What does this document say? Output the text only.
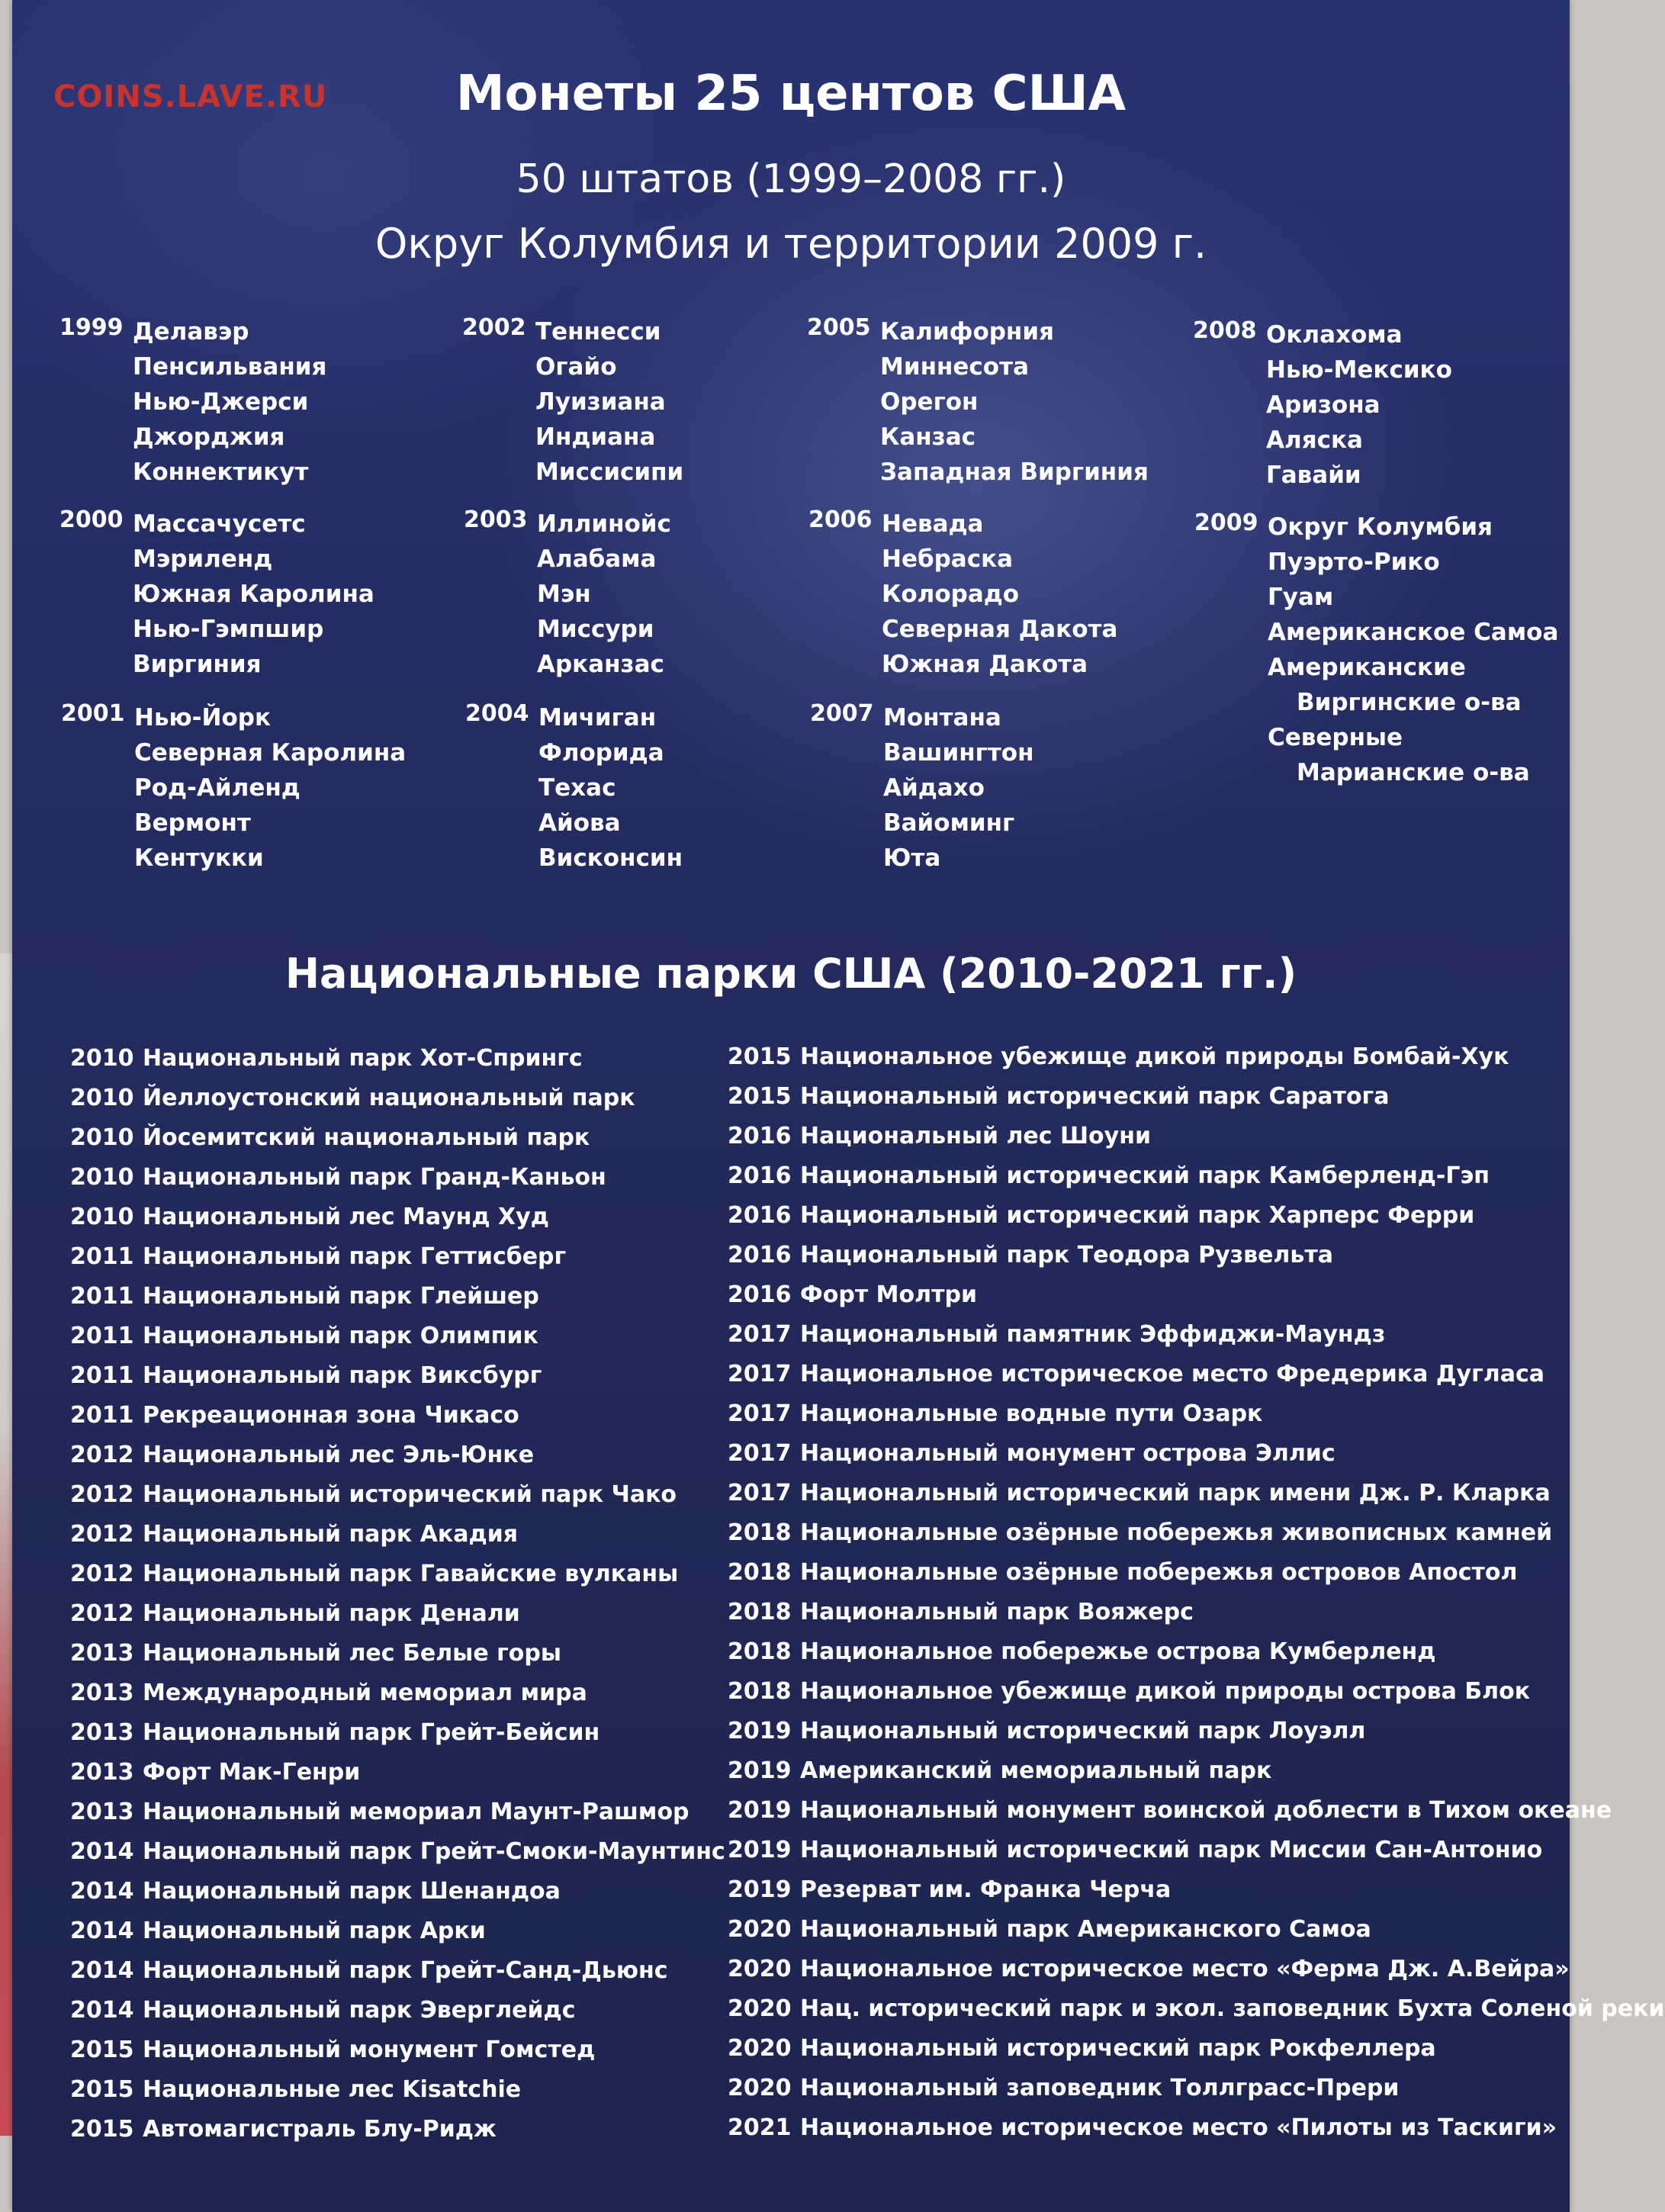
COINS.LAVE.RU	Монеты 25 центов США
50 штатов (1999–2008 гг.)
Округ Колумбия и территории 2009 г.
1999 Делавэр
Пенсильвания
Нью-Джерси
Джорджия
Коннектикут
2000 Массачусетс
Мэриленд
Южная Каролина
Нью-Гэмпшир
Виргиния
2001 Нью-Йорк
Северная Каролина
Род-Айленд
Вермонт
Кентукки
2002 Теннесси
Огайо
Луизиана
Индиана
Миссисипи
2003 Иллинойс
Алабама
Мэн
Миссури
Арканзас
2004 Мичиган
Флорида
Техас
Айова
Висконсин
2005 Калифорния
Миннесота
Орегон
Канзас
Западная Виргиния
2006 Невада
Небраска
Колорадо
Северная Дакота
Южная Дакота
2007 Монтана
Вашингтон
Айдахо
Вайоминг
Юта
2008 Оклахома
Нью-Мексико
Аризона
Аляска
Гавайи
2009 Округ Колумбия
Пуэрто-Рико
Гуам
Американское Самоа
Американские
Виргинские о-ва
Северные
Марианские о-ва
Национальные парки США (2010-2021 гг.)
2010 Национальный парк Хот-Спрингс
2010 Йеллоустонский национальный парк
2010 Йосемитский национальный парк
2010 Национальный парк Гранд-Каньон
2010 Национальный лес Маунд Худ
2011 Национальный парк Геттисберг
2011 Национальный парк Глейшер
2011 Национальный парк Олимпик
2011 Национальный парк Виксбург
2011 Рекреационная зона Чикасо
2012 Национальный лес Эль-Юнке
2012 Национальный исторический парк Чако
2012 Национальный парк Акадия
2012 Национальный парк Гавайские вулканы
2012 Национальный парк Денали
2013 Национальный лес Белые горы
2013 Международный мемориал мира
2013 Национальный парк Грейт-Бейсин
2013 Форт Мак-Генри
2013 Национальный мемориал Маунт-Рашмор
2014 Национальный парк Грейт-Смоки-Маунтинс
2014 Национальный парк Шенандоа
2014 Национальный парк Арки
2014 Национальный парк Грейт-Санд-Дьюнс
2014 Национальный парк Эверглейдс
2015 Национальный монумент Гомстед
2015 Национальные лес Kisatchie
2015 Автомагистраль Блу-Ридж
2015 Национальное убежище дикой природы Бомбай-Хук
2015 Национальный исторический парк Саратога
2016 Национальный лес Шоуни
2016 Национальный исторический парк Камберленд-Гэп
2016 Национальный исторический парк Харперс Ферри
2016 Национальный парк Теодора Рузвельта
2016 Форт Молтри
2017 Национальный памятник Эффиджи-Маундз
2017 Национальное историческое место Фредерика Дугласа
2017 Национальные водные пути Озарк
2017 Национальный монумент острова Эллис
2017 Национальный исторический парк имени Дж. Р. Кларка
2018 Национальные озёрные побережья живописных камней
2018 Национальные озёрные побережья островов Апостол
2018 Национальный парк Вояжерс
2018 Национальное побережье острова Кумберленд
2018 Национальное убежище дикой природы острова Блок
2019 Национальный исторический парк Лоуэлл
2019 Американский мемориальный парк
2019 Национальный монумент воинской доблести в Тихом океане
2019 Национальный исторический парк Миссии Сан-Антонио
2019 Резерват им. Франка Черча
2020 Национальный парк Американского Самоа
2020 Национальное историческое место «Ферма Дж. А.Вейра»
2020 Нац. исторический парк и экол. заповедник Бухта Соленой реки
2020 Национальный исторический парк Рокфеллера
2020 Национальный заповедник Толлграсс-Прери
2021 Национальное историческое место «Пилоты из Таскиги»
